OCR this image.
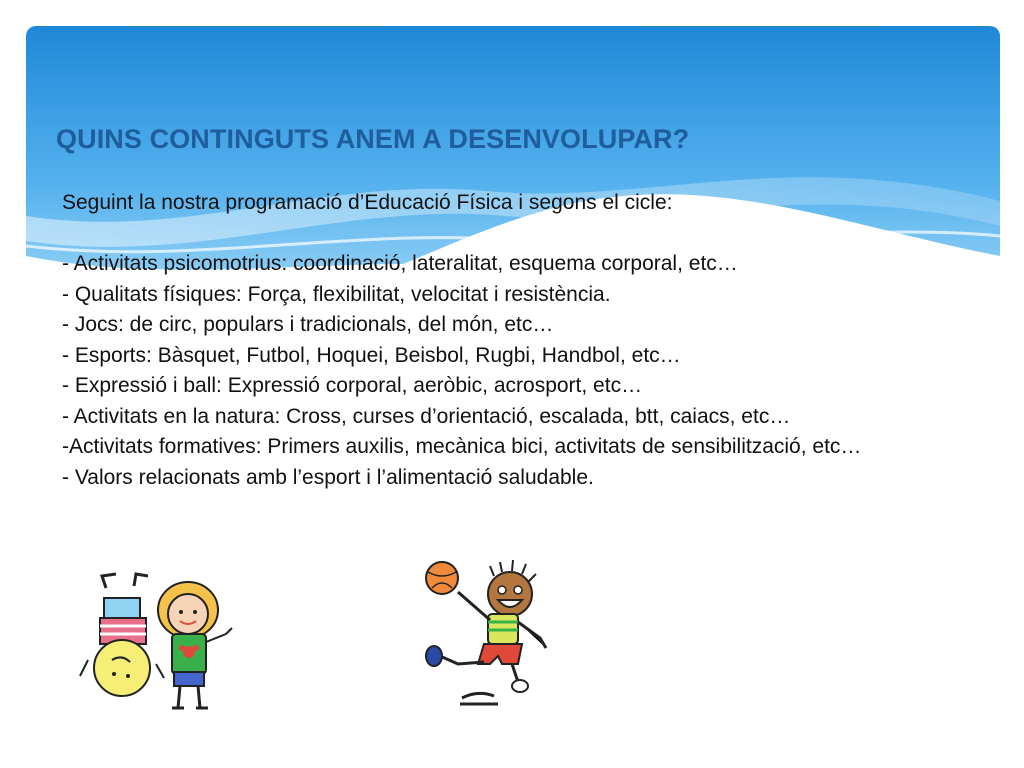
QUINS CONTINGUTS ANEM A DESENVOLUPAR?

Seguint la nostra programació d’Educació Física i segons el cicle:

- Activitats psicomotrius: coordinació, lateralitat, esquema corporal, etc…

- Qualitats físiques: Força, flexibilitat, velocitat i resistència.

- Jocs: de circ, populars i tradicionals, del món, etc…

- Esports: Bàsquet, Futbol, Hoquei, Beisbol, Rugbi, Handbol, etc…

- Expressió i ball: Expressió corporal, aeròbic, acrosport, etc…

- Activitats en la natura: Cross, curses d’orientació, escalada, btt, caiacs, etc…

-Activitats formatives: Primers auxilis, mecànica bici, activitats de sensibilització, etc…

- Valors relacionats amb l’esport i l’alimentació saludable.
